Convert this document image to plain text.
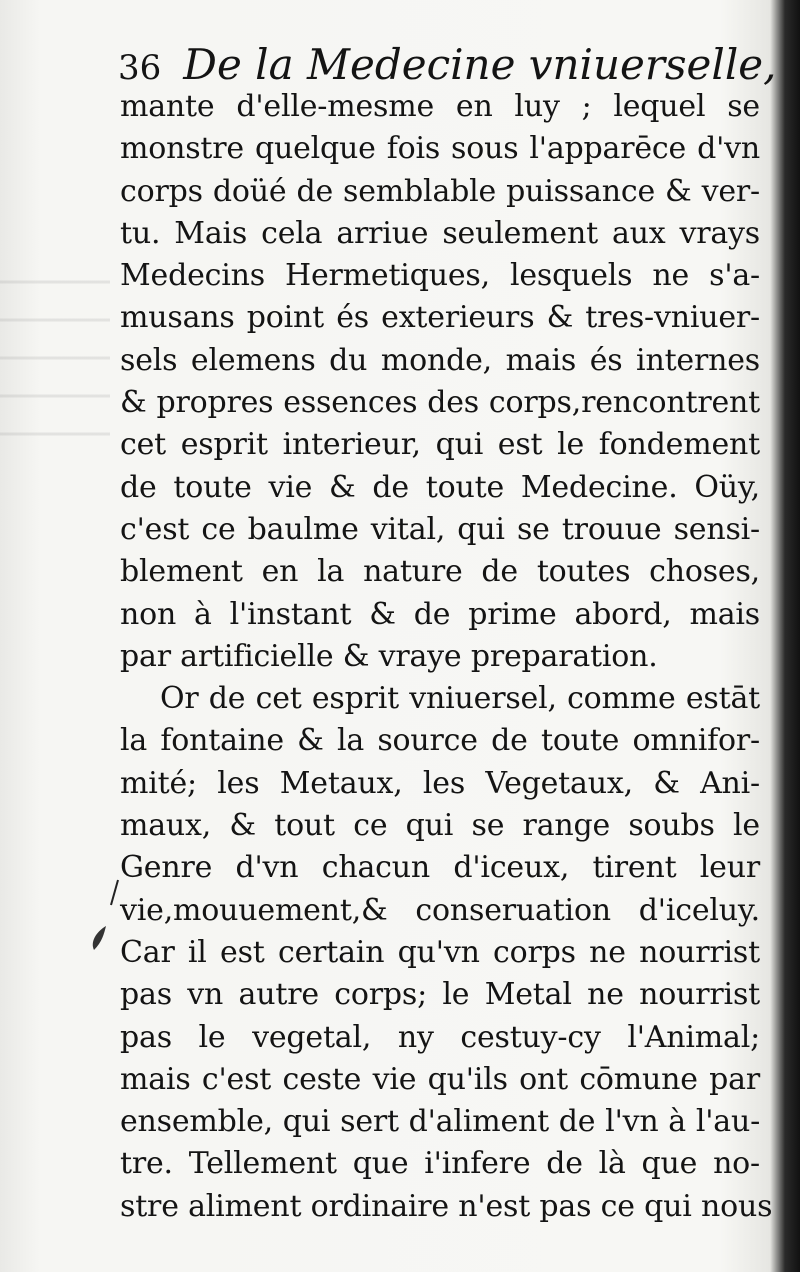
36 De la Medecine vniuerselle,
mante d'elle-mesme en luy ; lequel se
monstre quelque fois sous l'apparēce d'vn
corps doüé de semblable puissance & ver-
tu. Mais cela arriue seulement aux vrays
Medecins Hermetiques, lesquels ne s'a-
musans point és exterieurs & tres-vniuer-
sels elemens du monde, mais és internes
& propres essences des corps,rencontrent
cet esprit interieur, qui est le fondement
de toute vie & de toute Medecine. Oüy,
c'est ce baulme vital, qui se trouue sensi-
blement en la nature de toutes choses,
non à l'instant & de prime abord, mais
par artificielle & vraye preparation.
Or de cet esprit vniuersel, comme estāt
la fontaine & la source de toute omnifor-
mité; les Metaux, les Vegetaux, & Ani-
maux, & tout ce qui se range soubs le
Genre d'vn chacun d'iceux, tirent leur
vie,mouuement,& conseruation d'iceluy.
Car il est certain qu'vn corps ne nourrist
pas vn autre corps; le Metal ne nourrist
pas le vegetal, ny cestuy-cy l'Animal;
mais c'est ceste vie qu'ils ont cōmune par
ensemble, qui sert d'aliment de l'vn à l'au-
tre. Tellement que i'infere de là que no-
stre aliment ordinaire n'est pas ce qui nous
